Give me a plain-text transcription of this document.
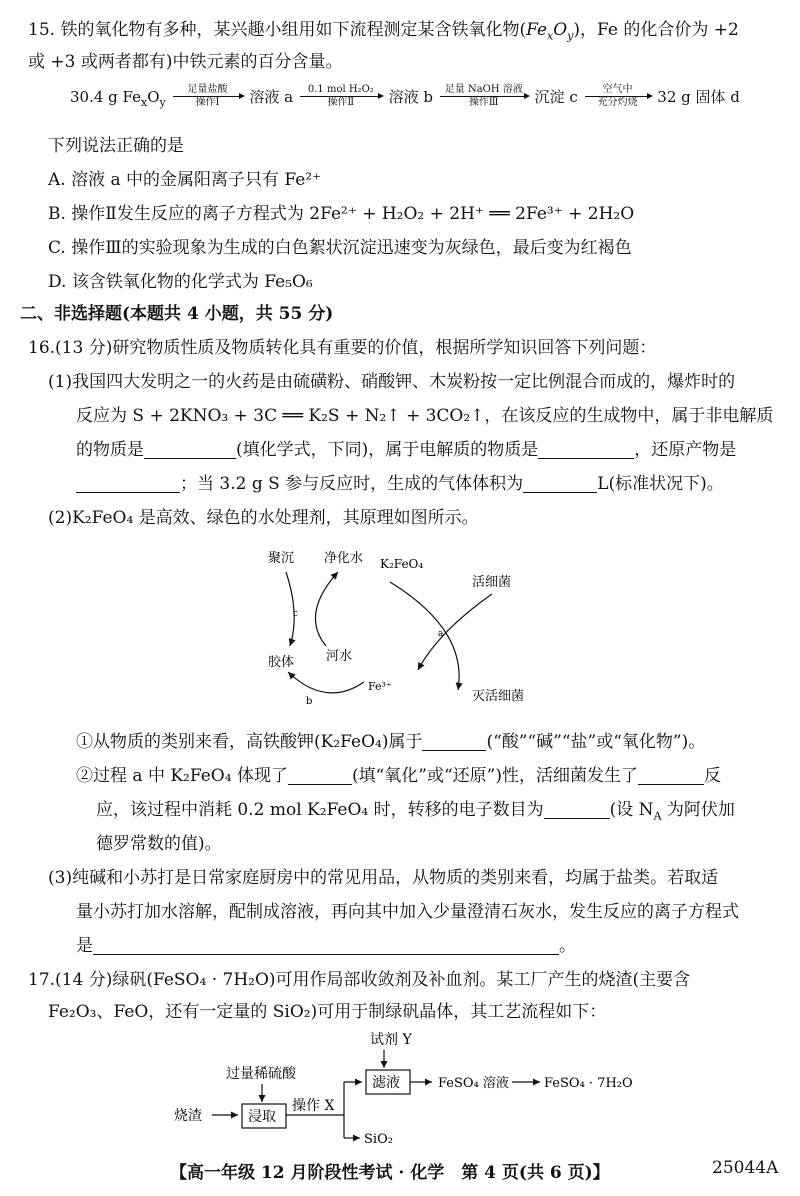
15. 铁的氧化物有多种，某兴趣小组用如下流程测定某含铁氧化物$(Fe_xO_y)$，Fe 的化合价为 +2
或 +3 或两者都有)中铁元素的百分含量。
30.4 g $Fe_xO_y$
足量盐酸
操作Ⅰ	溶液 a	0.1 mol H₂O₂
操作Ⅱ	溶液 b	足量 NaOH 溶液
操作Ⅲ	沉淀 c	空气中
充分灼烧	32 g 固体 d
下列说法正确的是
A. 溶液 a 中的金属阳离子只有 Fe²⁺
B. 操作Ⅱ发生反应的离子方程式为 2Fe²⁺ + H₂O₂ + 2H⁺ ══ 2Fe³⁺ + 2H₂O
C. 操作Ⅲ的实验现象为生成的白色絮状沉淀迅速变为灰绿色，最后变为红褐色
D. 该含铁氧化物的化学式为 Fe₅O₆
二、非选择题(本题共 4 小题，共 55 分)
16.(13 分)研究物质性质及物质转化具有重要的价值，根据所学知识回答下列问题：
(1)我国四大发明之一的火药是由硫磺粉、硝酸钾、木炭粉按一定比例混合而成的，爆炸时的
反应为 S + 2KNO₃ + 3C ══ K₂S + N₂↑ + 3CO₂↑，在该反应的生成物中，属于非电解质
的物质是	(填化学式，下同)，属于电解质的物质是	，还原产物是
；当 3.2 g S 参与反应时，生成的气体体积为	L(标准状况下)。
(2)K₂FeO₄ 是高效、绿色的水处理剂，其原理如图所示。
聚沉 净化水 K₂FeO₄
活细菌
c
a
胶体 河水
Fe³⁺
b	灭活细菌
①从物质的类别来看，高铁酸钾(K₂FeO₄)属于	(“酸”“碱”“盐”或“氧化物”)。
②过程 a 中 K₂FeO₄ 体现了	(填“氧化”或“还原”)性，活细菌发生了	反
应，该过程中消耗 0.2 mol K₂FeO₄ 时，转移的电子数目为	(设 $N_A$ 为阿伏加
德罗常数的值)。
(3)纯碱和小苏打是日常家庭厨房中的常见用品，从物质的类别来看，均属于盐类。若取适
量小苏打加水溶解，配制成溶液，再向其中加入少量澄清石灰水，发生反应的离子方程式
是	。
17.(14 分)绿矾(FeSO₄ · 7H₂O)可用作局部收敛剂及补血剂。某工厂产生的烧渣(主要含
Fe₂O₃、FeO，还有一定量的 SiO₂)可用于制绿矾晶体，其工艺流程如下：
试剂 Y
过量稀硫酸
滤液	FeSO₄ 溶液	FeSO₄ · 7H₂O
烧渣	浸取
操作 X
SiO₂
【高一年级 12 月阶段性考试 · 化学　第 4 页(共 6 页)】	25044A
